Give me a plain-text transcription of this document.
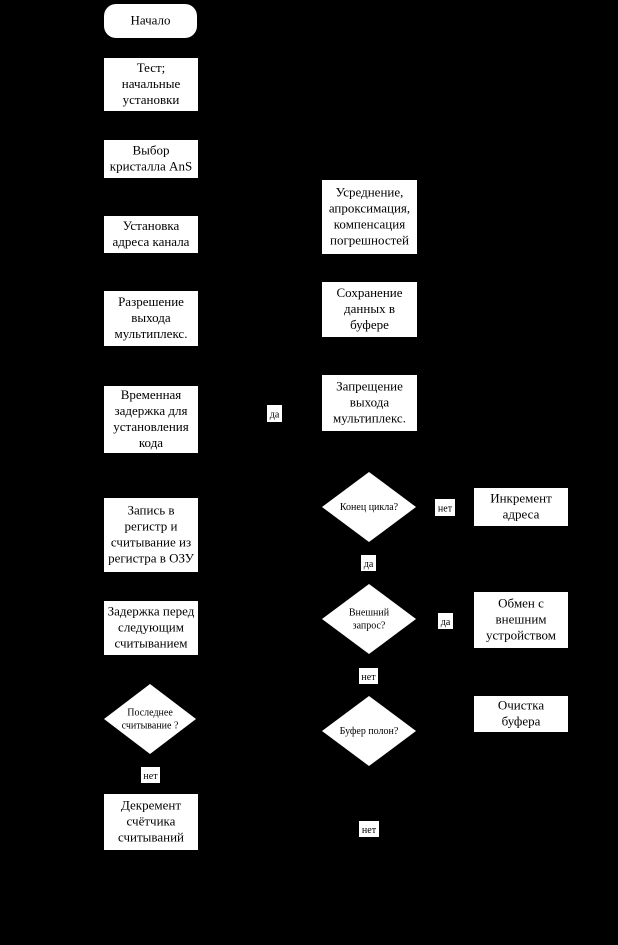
Начало
Тест;
начальные
установки
Выбор
кристалла AnS
Установка
адреса канала
Разрешение
выхода
мультиплекс.
Временная
задержка для
установления
кода
Запись в
регистр и
считывание из
регистра в ОЗУ
Задержка перед
следующим
считыванием
Последнее
считывание ?
Декремент
счётчика
считываний
Усреднение,
апроксимация,
компенсация
погрешностей
Сохранение
данных в
буфере
Запрещение
выхода
мультиплекс.
Конец цикла?
Инкремент
адреса
Внешний
запрос?
Обмен с
внешним
устройством
Буфер полон?
Очистка
буфера
да
нет
да
да
нет
нет
нет
